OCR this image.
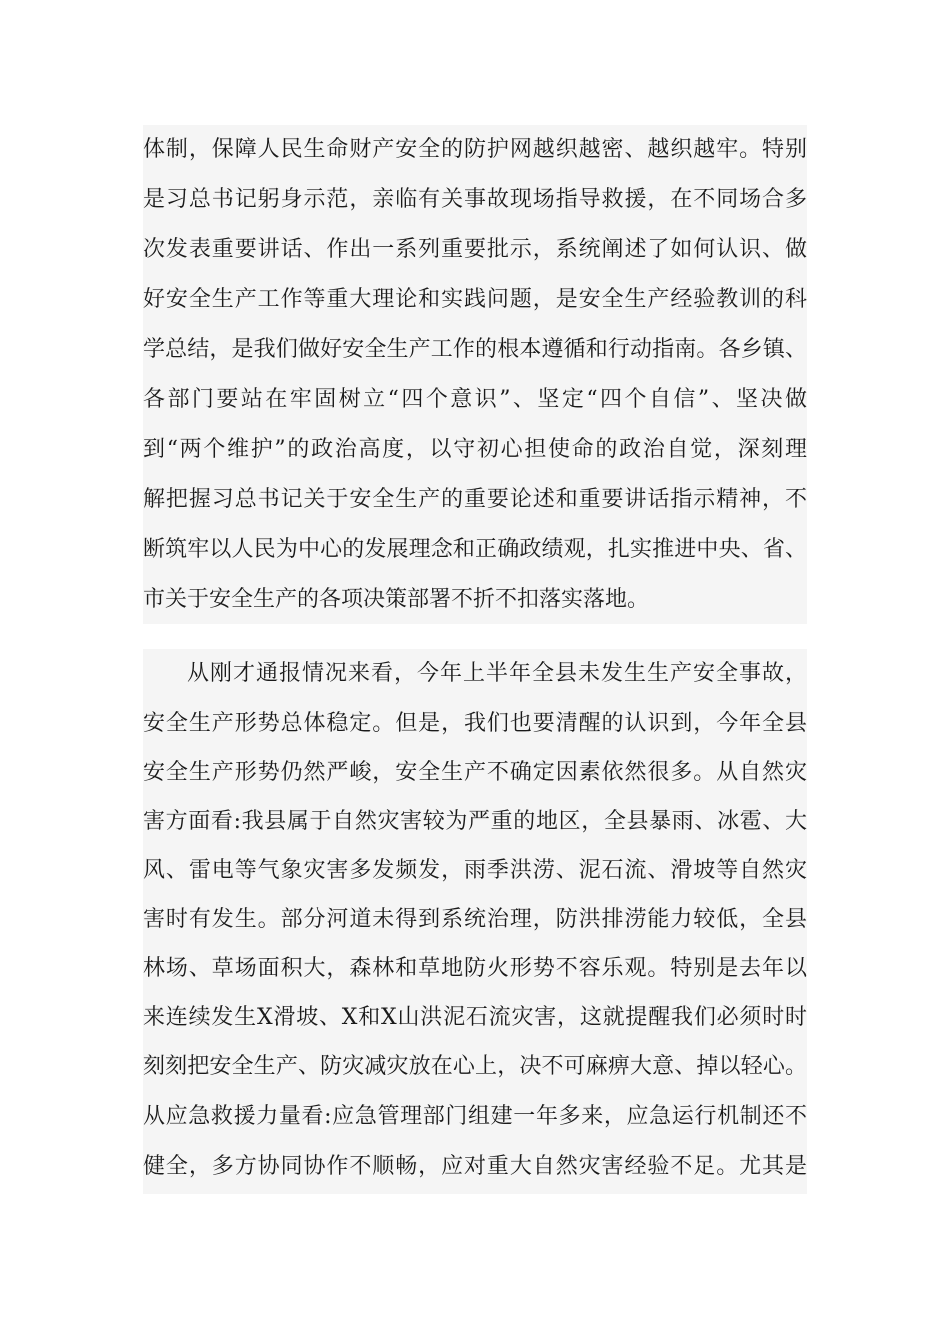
体制，保障人民生命财产安全的防护网越织越密、越织越牢。特别
是习总书记躬身示范，亲临有关事故现场指导救援，在不同场合多
次发表重要讲话、作出一系列重要批示，系统阐述了如何认识、做
好安全生产工作等重大理论和实践问题，是安全生产经验教训的科
学总结，是我们做好安全生产工作的根本遵循和行动指南。各乡镇、
各部门要站在牢固树立“四个意识”、坚定“四个自信”、坚决做
到“两个维护”的政治高度，以守初心担使命的政治自觉，深刻理
解把握习总书记关于安全生产的重要论述和重要讲话指示精神，不
断筑牢以人民为中心的发展理念和正确政绩观，扎实推进中央、省、
市关于安全生产的各项决策部署不折不扣落实落地。
从刚才通报情况来看，今年上半年全县未发生生产安全事故，
安全生产形势总体稳定。但是，我们也要清醒的认识到，今年全县
安全生产形势仍然严峻，安全生产不确定因素依然很多。从自然灾
害方面看:我县属于自然灾害较为严重的地区，全县暴雨、冰雹、大
风、雷电等气象灾害多发频发，雨季洪涝、泥石流、滑坡等自然灾
害时有发生。部分河道未得到系统治理，防洪排涝能力较低，全县
林场、草场面积大，森林和草地防火形势不容乐观。特别是去年以
来连续发生X滑坡、X和X山洪泥石流灾害，这就提醒我们必须时时
刻刻把安全生产、防灾减灾放在心上，决不可麻痹大意、掉以轻心。
从应急救援力量看:应急管理部门组建一年多来，应急运行机制还不
健全，多方协同协作不顺畅，应对重大自然灾害经验不足。尤其是
